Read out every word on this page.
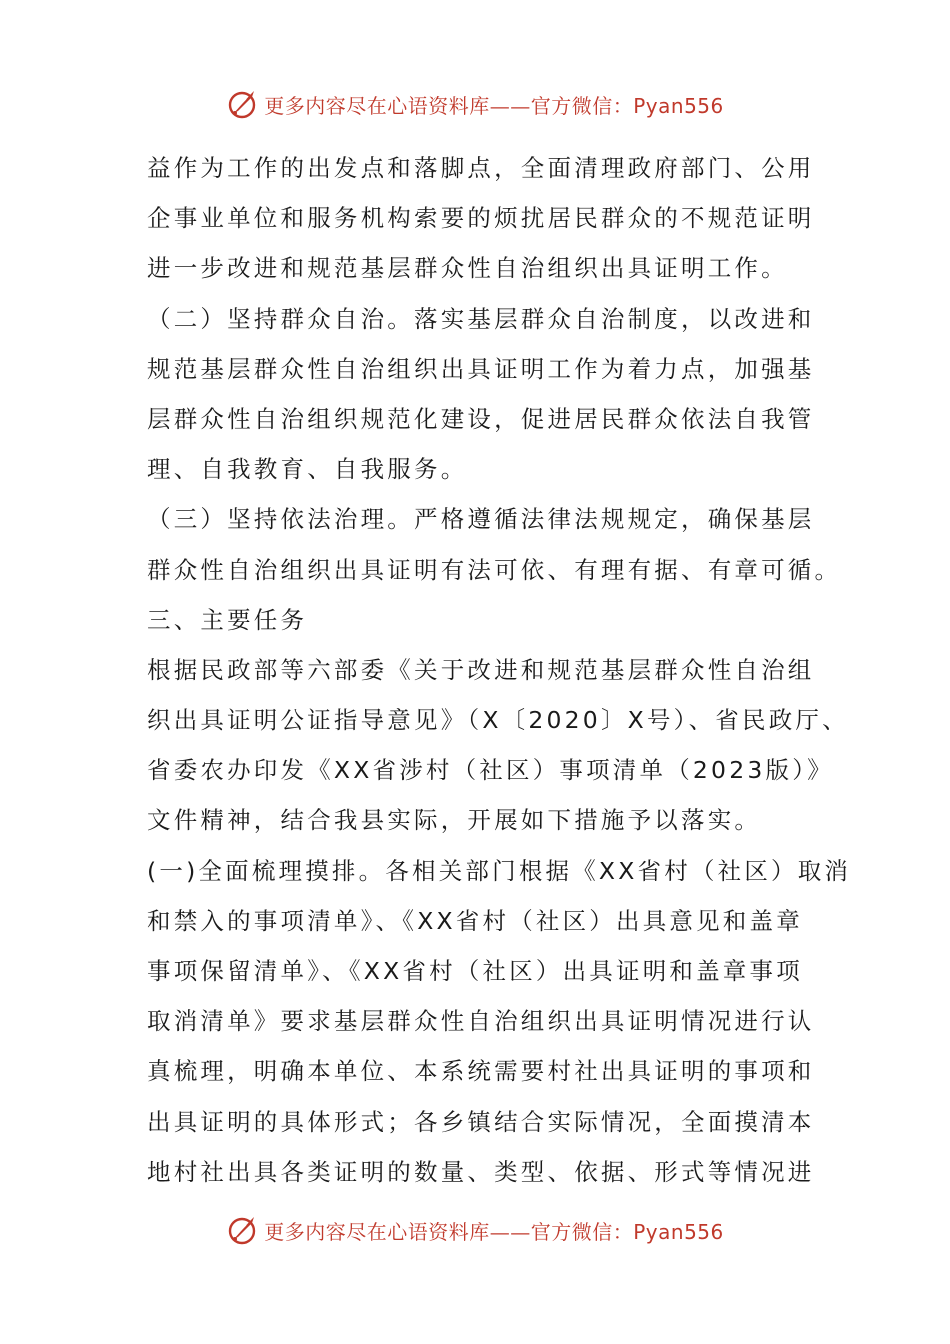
更多内容尽在心语资料库——官方微信：Pyan556
益作为工作的出发点和落脚点，全面清理政府部门、公用
企事业单位和服务机构索要的烦扰居民群众的不规范证明
进一步改进和规范基层群众性自治组织出具证明工作。
（二）坚持群众自治。落实基层群众自治制度，以改进和
规范基层群众性自治组织出具证明工作为着力点，加强基
层群众性自治组织规范化建设，促进居民群众依法自我管
理、自我教育、自我服务。
（三）坚持依法治理。严格遵循法律法规规定，确保基层
群众性自治组织出具证明有法可依、有理有据、有章可循。
三、主要任务
根据民政部等六部委《关于改进和规范基层群众性自治组
织出具证明公证指导意见》（X〔2020〕X号）、省民政厅、
省委农办印发《XX省涉村（社区）事项清单（2023版）》
文件精神，结合我县实际，开展如下措施予以落实。
(一)全面梳理摸排。各相关部门根据《XX省村（社区）取消
和禁入的事项清单》、《XX省村（社区）出具意见和盖章
事项保留清单》、《XX省村（社区）出具证明和盖章事项
取消清单》要求基层群众性自治组织出具证明情况进行认
真梳理，明确本单位、本系统需要村社出具证明的事项和
出具证明的具体形式；各乡镇结合实际情况，全面摸清本
地村社出具各类证明的数量、类型、依据、形式等情况进
更多内容尽在心语资料库——官方微信：Pyan556
